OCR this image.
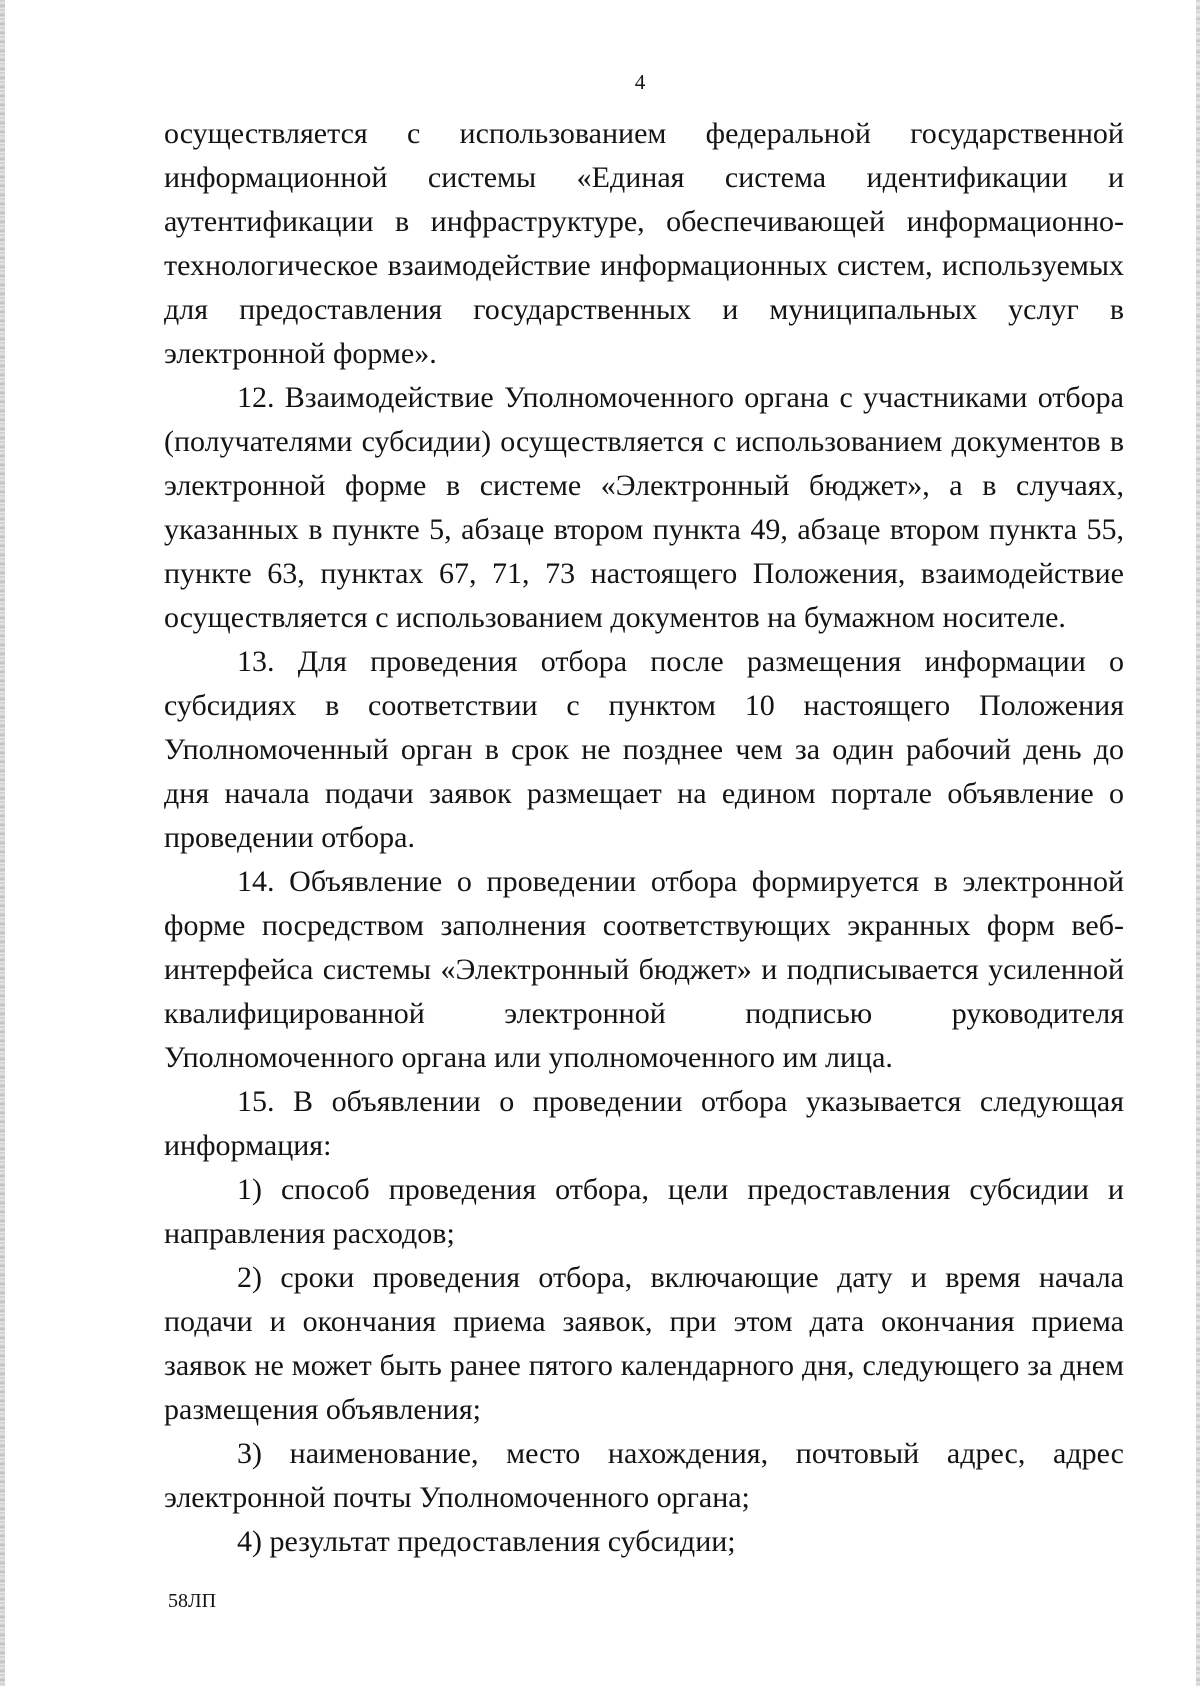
4

осуществляется с использованием федеральной государственной информационной системы «Единая система идентификации и аутентификации в инфраструктуре, обеспечивающей информационно-технологическое взаимодействие информационных систем, используемых для предоставления государственных и муниципальных услуг в электронной форме».

12. Взаимодействие Уполномоченного органа с участниками отбора (получателями субсидии) осуществляется с использованием документов в электронной форме в системе «Электронный бюджет», а в случаях, указанных в пункте 5, абзаце втором пункта 49, абзаце втором пункта 55, пункте 63, пунктах 67, 71, 73 настоящего Положения, взаимодействие осуществляется с использованием документов на бумажном носителе.

13. Для проведения отбора после размещения информации о субсидиях в соответствии с пунктом 10 настоящего Положения Уполномоченный орган в срок не позднее чем за один рабочий день до дня начала подачи заявок размещает на едином портале объявление о проведении отбора.

14. Объявление о проведении отбора формируется в электронной форме посредством заполнения соответствующих экранных форм веб-интерфейса системы «Электронный бюджет» и подписывается усиленной квалифицированной электронной подписью руководителя Уполномоченного органа или уполномоченного им лица.

15. В объявлении о проведении отбора указывается следующая информация:

1) способ проведения отбора, цели предоставления субсидии и направления расходов;

2) сроки проведения отбора, включающие дату и время начала подачи и окончания приема заявок, при этом дата окончания приема заявок не может быть ранее пятого календарного дня, следующего за днем размещения объявления;

3) наименование, место нахождения, почтовый адрес, адрес электронной почты Уполномоченного органа;

4) результат предоставления субсидии;

58ЛП
